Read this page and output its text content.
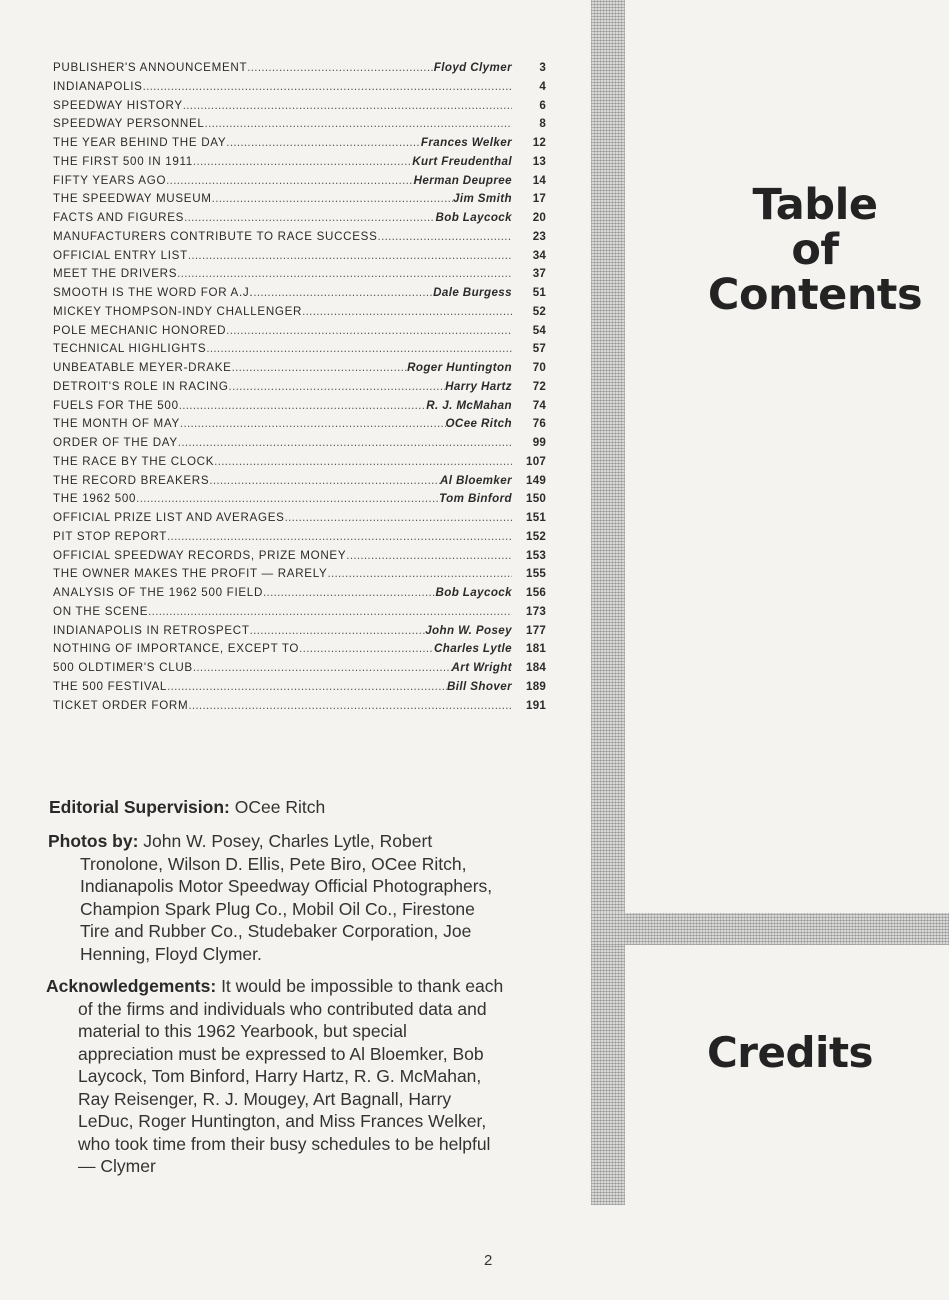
PUBLISHER'S ANNOUNCEMENT .....	Floyd Clymer	3
INDIANAPOLIS .....	4
SPEEDWAY HISTORY .....	6
SPEEDWAY PERSONNEL .....	8
THE YEAR BEHIND THE DAY .....	Frances Welker	12
THE FIRST 500 IN 1911 .....	Kurt Freudenthal	13
FIFTY YEARS AGO .....	Herman Deupree	14
THE SPEEDWAY MUSEUM .....	Jim Smith	17
FACTS AND FIGURES .....	Bob Laycock	20
MANUFACTURERS CONTRIBUTE TO RACE SUCCESS .....	23
OFFICIAL ENTRY LIST .....	34
MEET THE DRIVERS .....	37
SMOOTH IS THE WORD FOR A.J. .....	Dale Burgess	51
MICKEY THOMPSON-INDY CHALLENGER .....	52
POLE MECHANIC HONORED .....	54
TECHNICAL HIGHLIGHTS .....	57
UNBEATABLE MEYER-DRAKE .....	Roger Huntington	70
DETROIT'S ROLE IN RACING .....	Harry Hartz	72
FUELS FOR THE 500 .....	R. J. McMahan	74
THE MONTH OF MAY .....	OCee Ritch	76
ORDER OF THE DAY .....	99
THE RACE BY THE CLOCK .....	107
THE RECORD BREAKERS .....	Al Bloemker	149
THE 1962 500 .....	Tom Binford	150
OFFICIAL PRIZE LIST AND AVERAGES .....	151
PIT STOP REPORT .....	152
OFFICIAL SPEEDWAY RECORDS, PRIZE MONEY .....	153
THE OWNER MAKES THE PROFIT — RARELY .....	155
ANALYSIS OF THE 1962 500 FIELD .....	Bob Laycock	156
ON THE SCENE .....	173
INDIANAPOLIS IN RETROSPECT .....	John W. Posey	177
NOTHING OF IMPORTANCE, EXCEPT TO .....	Charles Lytle	181
500 OLDTIMER'S CLUB .....	Art Wright	184
THE 500 FESTIVAL .....	Bill Shover	189
TICKET ORDER FORM .....	191
Table
of
Contents
Credits

Editorial Supervision: OCee Ritch

Photos by: John W. Posey, Charles Lytle, Robert Tronolone, Wilson D. Ellis, Pete Biro, OCee Ritch, Indianapolis Motor Speedway Official Photographers, Champion Spark Plug Co., Mobil Oil Co., Firestone Tire and Rubber Co., Studebaker Corporation, Joe Henning, Floyd Clymer.

Acknowledgements: It would be impossible to thank each of the firms and individuals who contributed data and material to this 1962 Yearbook, but special appreciation must be expressed to Al Bloemker, Bob Laycock, Tom Binford, Harry Hartz, R. G. McMahan, Ray Reisenger, R. J. Mougey, Art Bagnall, Harry LeDuc, Roger Huntington, and Miss Frances Welker, who took time from their busy schedules to be helpful — Clymer

2
